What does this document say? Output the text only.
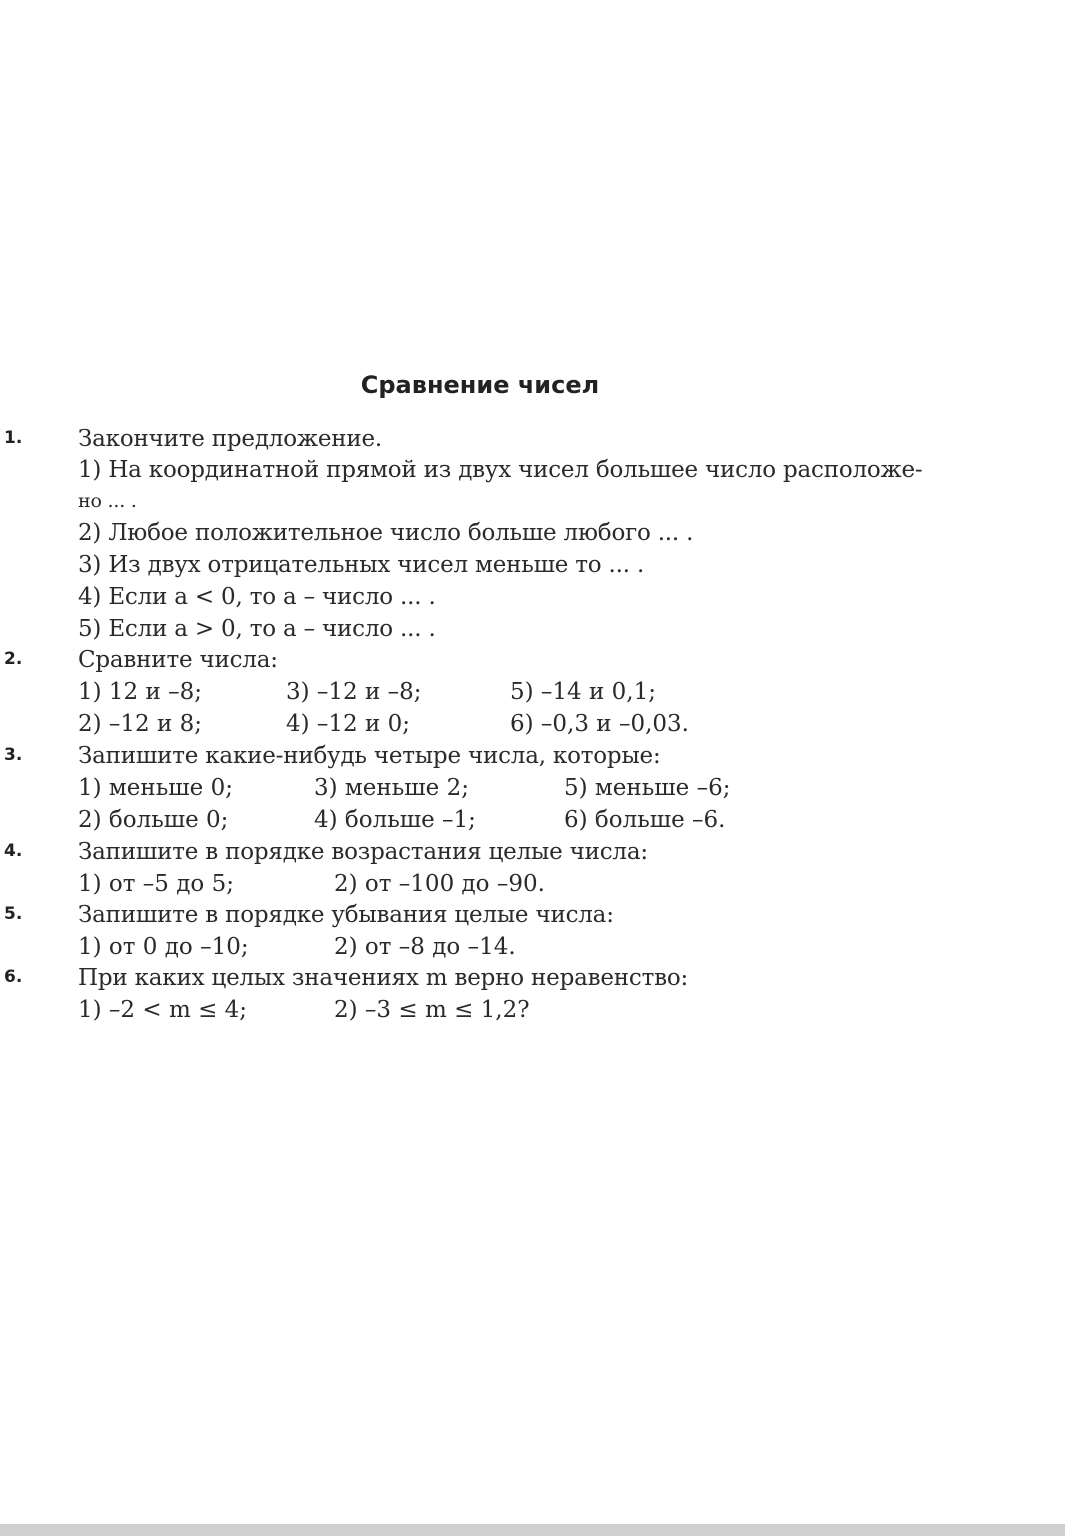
Сравнение чисел
1. Закончите предложение.
1) На координатной прямой из двух чисел большее число расположе-
но ... .
2) Любое положительное число больше любого ... .
3) Из двух отрицательных чисел меньше то ... .
4) Если a < 0, то a – число ... .
5) Если a > 0, то a – число ... .
2. Сравните числа:
1) 12 и –8;	3) –12 и –8;	5) –14 и 0,1;
2) –12 и 8;	4) –12 и 0;	6) –0,3 и –0,03.
3. Запишите какие-нибудь четыре числа, которые:
1) меньше 0;	3) меньше 2;	5) меньше –6;
2) больше 0;	4) больше –1;	6) больше –6.
4. Запишите в порядке возрастания целые числа:
1) от –5 до 5;	2) от –100 до –90.
5. Запишите в порядке убывания целые числа:
1) от 0 до –10;	2) от –8 до –14.
6. При каких целых значениях m верно неравенство:
1) –2 < m ≤ 4;	2) –3 ≤ m ≤ 1,2?
